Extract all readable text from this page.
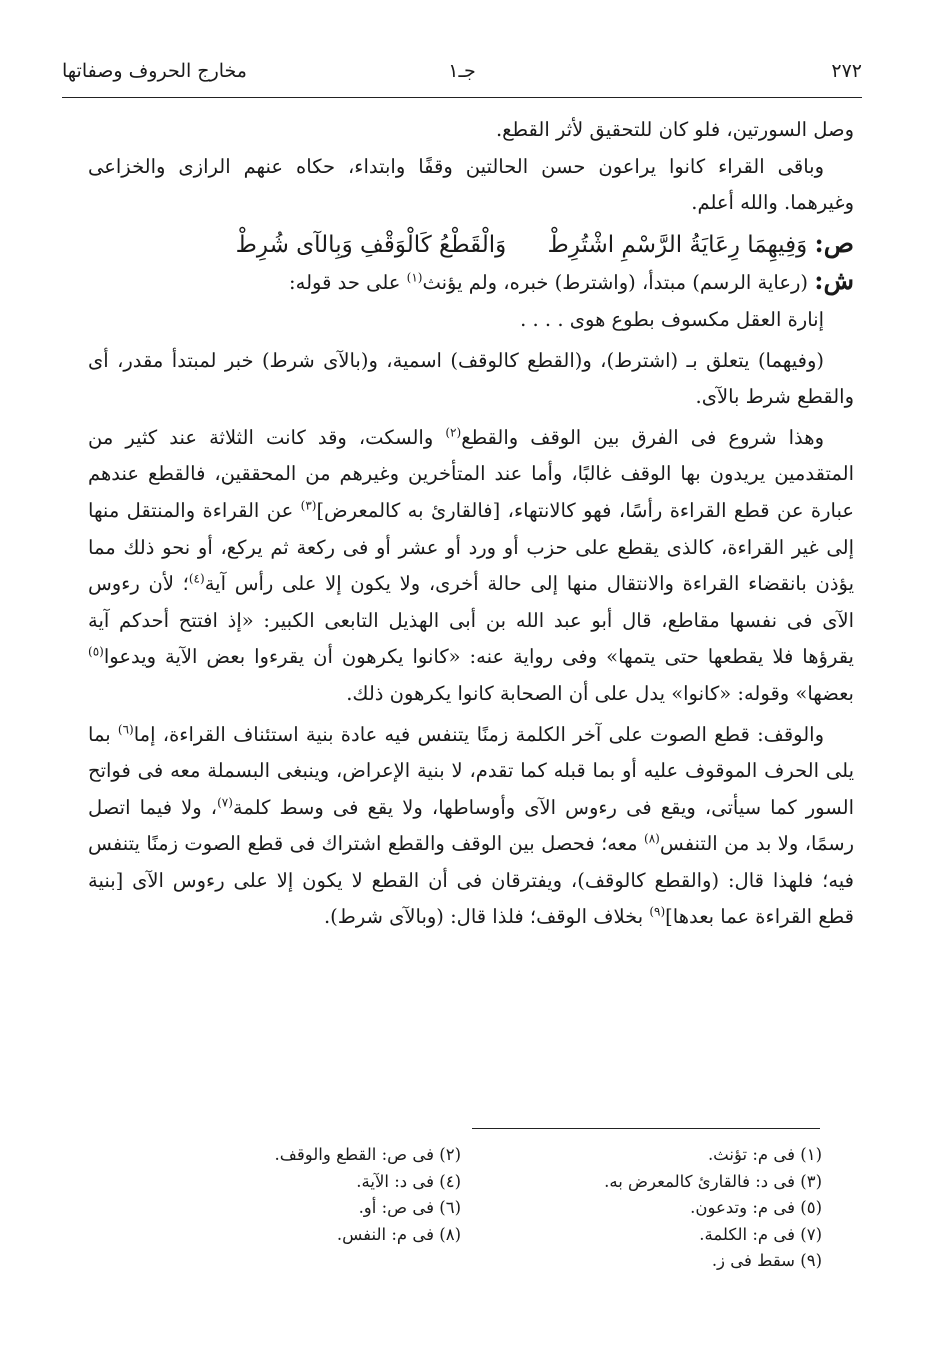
٢٧٢
جـ١
مخارج الحروف وصفاتها

وصل السورتين، فلو كان للتحقيق لأثر القطع.

وباقى القراء كانوا يراعون حسن الحالتين وقفًا وابتداء، حكاه عنهم الرازى والخزاعى وغيرهما. والله أعلم.

ص: وَفِيهِمَا رِعَايَةُ الرَّسْمِ اشْتُرِطْ وَالْقَطْعُ كَالْوَقْفِ وَبِالآى شُرِطْ

ش: (رعاية الرسم) مبتدأ، (واشترط) خبره، ولم يؤنث$^{(١)}$ على حد قوله:

إنارة العقل مكسوف بطوع هوى . . . .

(وفيهما) يتعلق بـ (اشترط)، و(القطع كالوقف) اسمية، و(بالآى شرط) خبر لمبتدأ مقدر، أى والقطع شرط بالآى.

وهذا شروع فى الفرق بين الوقف والقطع$^{(٢)}$ والسكت، وقد كانت الثلاثة عند كثير من المتقدمين يريدون بها الوقف غالبًا، وأما عند المتأخرين وغيرهم من المحققين، فالقطع عندهم عبارة عن قطع القراءة رأسًا، فهو كالانتهاء، [فالقارئ به كالمعرض]$^{(٣)}$ عن القراءة والمنتقل منها إلى غير القراءة، كالذى يقطع على حزب أو ورد أو عشر أو فى ركعة ثم يركع، أو نحو ذلك مما يؤذن بانقضاء القراءة والانتقال منها إلى حالة أخرى، ولا يكون إلا على رأس آية$^{(٤)}$؛ لأن رءوس الآى فى نفسها مقاطع، قال أبو عبد الله بن أبى الهذيل التابعى الكبير: «إذ افتتح أحدكم آية يقرؤها فلا يقطعها حتى يتمها» وفى رواية عنه: «كانوا يكرهون أن يقرءوا بعض الآية ويدعوا$^{(٥)}$ بعضها» وقوله: «كانوا» يدل على أن الصحابة كانوا يكرهون ذلك.

والوقف: قطع الصوت على آخر الكلمة زمنًا يتنفس فيه عادة بنية استئناف القراءة، إما$^{(٦)}$ بما يلى الحرف الموقوف عليه أو بما قبله كما تقدم، لا بنية الإعراض، وينبغى البسملة معه فى فواتح السور كما سيأتى، ويقع فى رءوس الآى وأوساطها، ولا يقع فى وسط كلمة$^{(٧)}$، ولا فيما اتصل رسمًا، ولا بد من التنفس$^{(٨)}$ معه؛ فحصل بين الوقف والقطع اشتراك فى قطع الصوت زمنًا يتنفس فيه؛ فلهذا قال: (والقطع كالوقف)، ويفترقان فى أن القطع لا يكون إلا على رءوس الآى [بنية قطع القراءة عما بعدها]$^{(٩)}$ بخلاف الوقف؛ فلذا قال: (وبالآى شرط).

(١) فى م: تؤنث.
(٢) فى ص: القطع والوقف.
(٣) فى د: فالقارئ كالمعرض به.
(٤) فى د: الآية.
(٥) فى م: وتدعون.
(٦) فى ص: أو.
(٧) فى م: الكلمة.
(٨) فى م: النفس.
(٩) سقط فى ز.
